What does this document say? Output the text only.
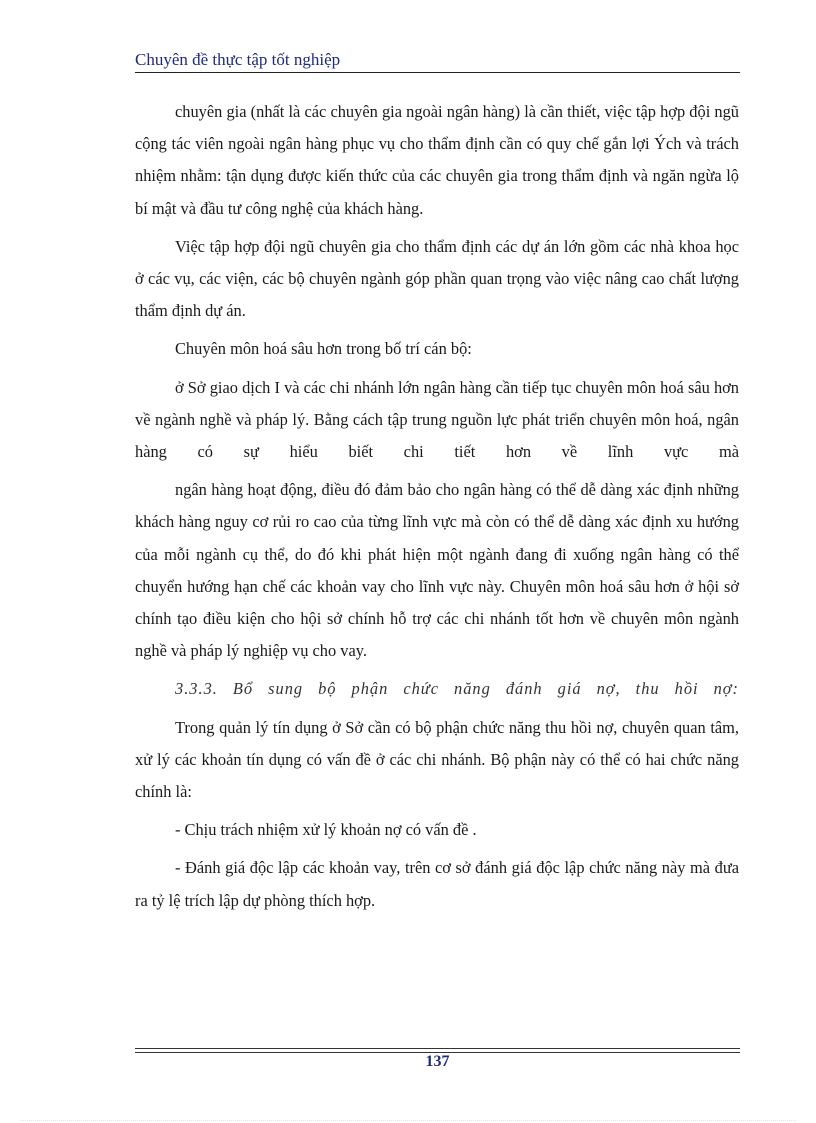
Chuyên đề thực tập tốt nghiệp

chuyên gia (nhất là các chuyên gia ngoài ngân hàng) là cần thiết, việc tập hợp đội ngũ cộng tác viên ngoài ngân hàng phục vụ cho thẩm định cần có quy chế gắn lợi Ých và trách nhiệm nhằm: tận dụng được kiến thức của các chuyên gia trong thẩm định và ngăn ngừa lộ bí mật và đầu tư công nghệ của khách hàng.

Việc tập hợp đội ngũ chuyên gia cho thẩm định các dự án lớn gồm các nhà khoa học ở các vụ, các viện, các bộ chuyên ngành góp phần quan trọng vào việc nâng cao chất lượng thẩm định dự án.

Chuyên môn hoá sâu hơn trong bố trí cán bộ:

ở Sở giao dịch I và các chi nhánh lớn ngân hàng cần tiếp tục chuyên môn hoá sâu hơn về ngành nghề và pháp lý. Bằng cách tập trung nguồn lực phát triển chuyên môn hoá, ngân hàng có sự hiểu biết chi tiết hơn về lĩnh vực mà

ngân hàng hoạt động, điều đó đảm bảo cho ngân hàng có thể dễ dàng xác định những khách hàng nguy cơ rủi ro cao của từng lĩnh vực mà còn có thể dễ dàng xác định xu hướng của mỗi ngành cụ thể, do đó khi phát hiện một ngành đang đi xuống ngân hàng có thể chuyển hướng hạn chế các khoản vay cho lĩnh vực này. Chuyên môn hoá sâu hơn ở hội sở chính tạo điều kiện cho hội sở chính hỗ trợ các chi nhánh tốt hơn về chuyên môn ngành nghề và pháp lý nghiệp vụ cho vay.

3.3.3. Bổ sung bộ phận chức năng đánh giá nợ, thu hồi nợ:

Trong quản lý tín dụng ở Sở cần có bộ phận chức năng thu hồi nợ, chuyên quan tâm, xử lý các khoản tín dụng có vấn đề ở các chi nhánh. Bộ phận này có thể có hai chức năng chính là:

- Chịu trách nhiệm xử lý khoản nợ có vấn đề .

- Đánh giá độc lập các khoản vay, trên cơ sở đánh giá độc lập chức năng này mà đưa ra tỷ lệ trích lập dự phòng thích hợp.

137
